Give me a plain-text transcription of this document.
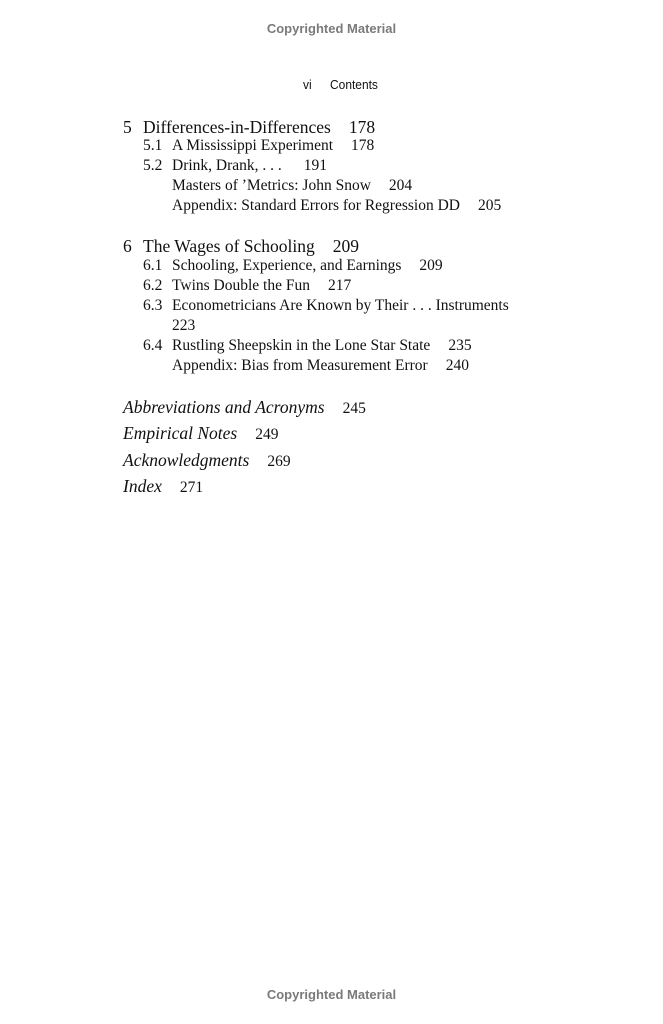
Copyrighted Material
vi Contents
5 Differences-in-Differences 178
5.1 A Mississippi Experiment 178
5.2 Drink, Drank, . . . 191
Masters of ’Metrics: John Snow 204
Appendix: Standard Errors for Regression DD 205
6 The Wages of Schooling 209
6.1 Schooling, Experience, and Earnings 209
6.2 Twins Double the Fun 217
6.3 Econometricians Are Known by Their . . . Instruments
223
6.4 Rustling Sheepskin in the Lone Star State 235
Appendix: Bias from Measurement Error 240
Abbreviations and Acronyms 245
Empirical Notes 249
Acknowledgments 269
Index 271
Copyrighted Material
